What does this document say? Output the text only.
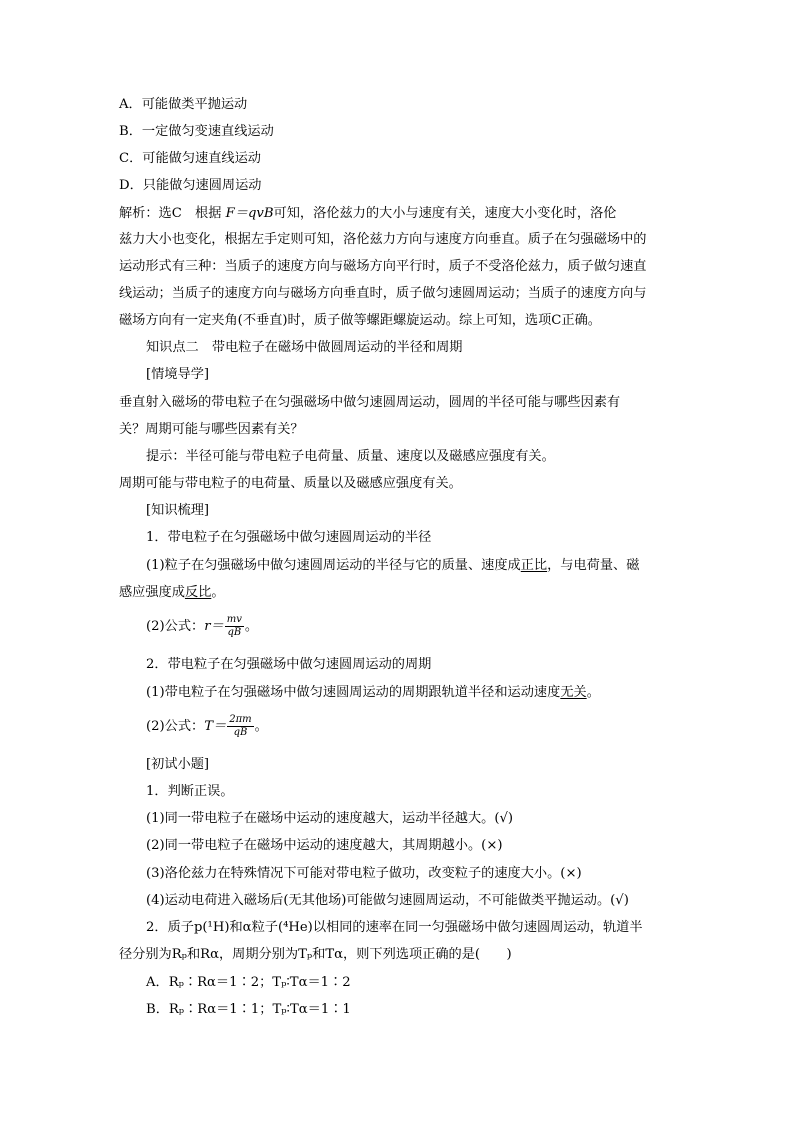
A．可能做类平抛运动
B．一定做匀变速直线运动
C．可能做匀速直线运动
D．只能做匀速圆周运动
解析：选C　根据 F＝qvB可知，洛伦兹力的大小与速度有关，速度大小变化时，洛伦
兹力大小也变化，根据左手定则可知，洛伦兹力方向与速度方向垂直。质子在匀强磁场中的
运动形式有三种：当质子的速度方向与磁场方向平行时，质子不受洛伦兹力，质子做匀速直
线运动；当质子的速度方向与磁场方向垂直时，质子做匀速圆周运动；当质子的速度方向与
磁场方向有一定夹角(不垂直)时，质子做等螺距螺旋运动。综上可知，选项C正确。
知识点二　带电粒子在磁场中做圆周运动的半径和周期
[情境导学]
垂直射入磁场的带电粒子在匀强磁场中做匀速圆周运动，圆周的半径可能与哪些因素有
关？周期可能与哪些因素有关？
提示：半径可能与带电粒子电荷量、质量、速度以及磁感应强度有关。
周期可能与带电粒子的电荷量、质量以及磁感应强度有关。
[知识梳理]
1．带电粒子在匀强磁场中做匀速圆周运动的半径
(1)粒子在匀强磁场中做匀速圆周运动的半径与它的质量、速度成正比，与电荷量、磁
感应强度成反比。
(2)公式：$r= \frac{mv}{qB}$ 。
2．带电粒子在匀强磁场中做匀速圆周运动的周期
(1)带电粒子在匀强磁场中做匀速圆周运动的周期跟轨道半径和运动速度无关。
(2)公式：$T= \frac{2\pi m}{qB}$ 。
[初试小题]
1．判断正误。
(1)同一带电粒子在磁场中运动的速度越大，运动半径越大。(√)
(2)同一带电粒子在磁场中运动的速度越大，其周期越小。(×)
(3)洛伦兹力在特殊情况下可能对带电粒子做功，改变粒子的速度大小。(×)
(4)运动电荷进入磁场后(无其他场)可能做匀速圆周运动，不可能做类平抛运动。(√)
2．质子p(¹H)和α粒子(⁴He)以相同的速率在同一匀强磁场中做匀速圆周运动，轨道半
径分别为Rₚ和Rα，周期分别为Tₚ和Tα，则下列选项正确的是(　　)
A．Rₚ∶Rα＝1∶2；Tₚ∶Tα＝1∶2
B．Rₚ∶Rα＝1∶1；Tₚ∶Tα＝1∶1
